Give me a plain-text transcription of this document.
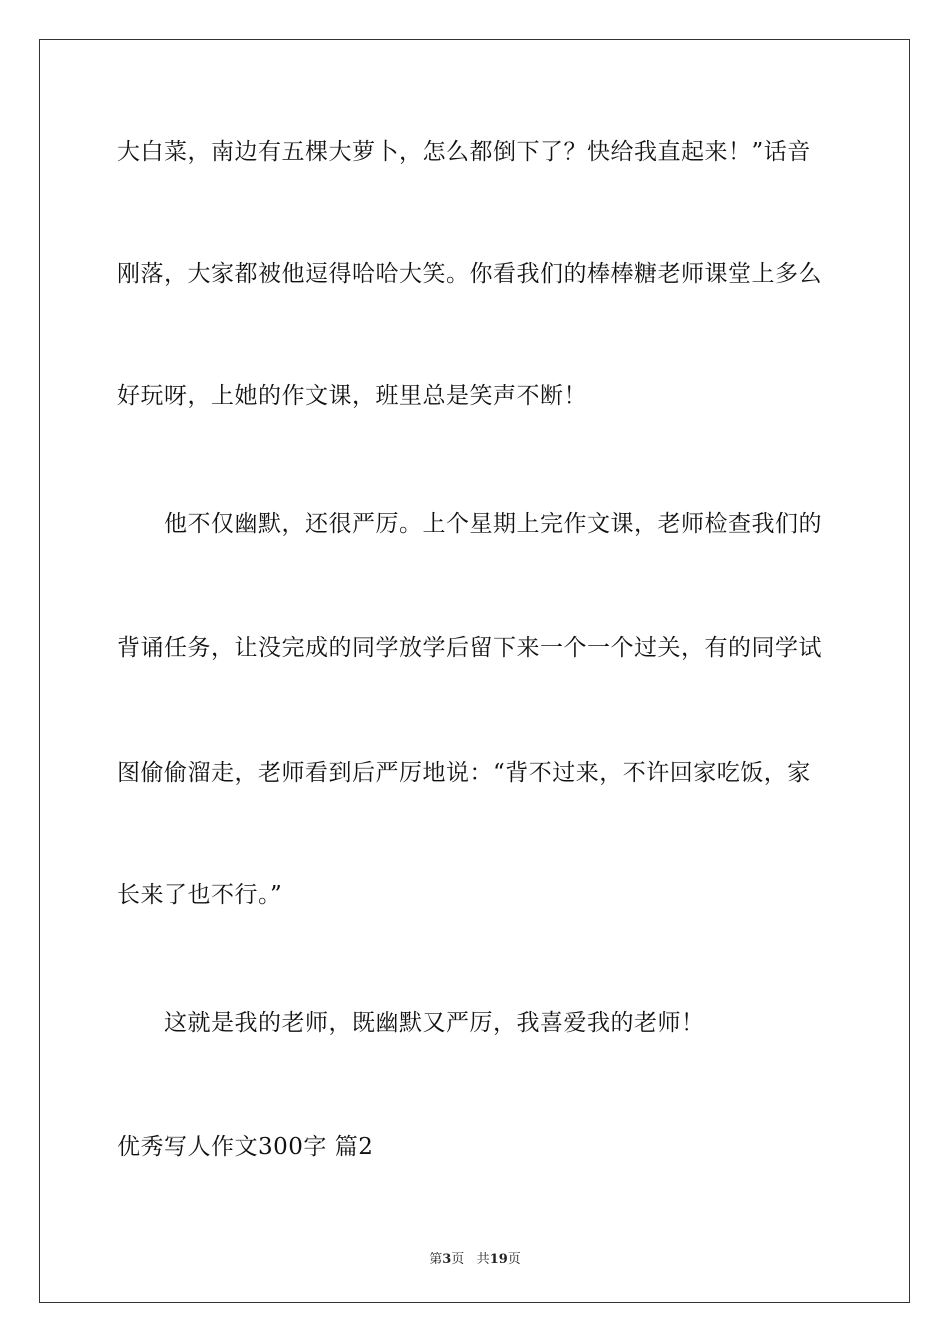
大白菜，南边有五棵大萝卜，怎么都倒下了？快给我直起来！”话音
刚落，大家都被他逗得哈哈大笑。你看我们的棒棒糖老师课堂上多么
好玩呀，上她的作文课，班里总是笑声不断！
他不仅幽默，还很严厉。上个星期上完作文课，老师检查我们的
背诵任务，让没完成的同学放学后留下来一个一个过关，有的同学试
图偷偷溜走，老师看到后严厉地说：“背不过来，不许回家吃饭，家
长来了也不行。”
这就是我的老师，既幽默又严厉，我喜爱我的老师！
优秀写人作文300字 篇2
第3页 共19页
